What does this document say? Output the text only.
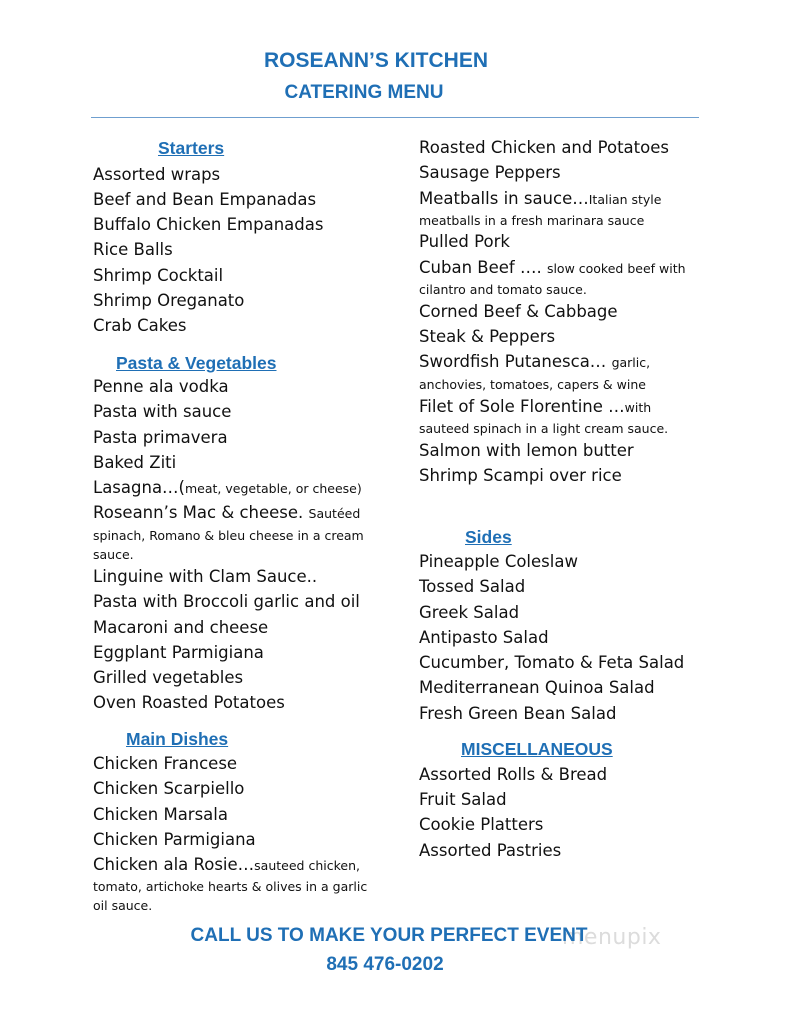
ROSEANN’S KITCHEN
CATERING MENU
Starters
Assorted wraps
Beef and Bean Empanadas
Buffalo Chicken Empanadas
Rice Balls
Shrimp Cocktail
Shrimp Oreganato
Crab Cakes
Pasta & Vegetables
Penne ala vodka
Pasta with sauce
Pasta primavera
Baked Ziti
Lasagna…(meat, vegetable, or cheese)
Roseann’s Mac & cheese. Sautéed
spinach, Romano & bleu cheese in a cream
sauce.
Linguine with Clam Sauce..
Pasta with Broccoli garlic and oil
Macaroni and cheese
Eggplant Parmigiana
Grilled vegetables
Oven Roasted Potatoes
Main Dishes
Chicken Francese
Chicken Scarpiello
Chicken Marsala
Chicken Parmigiana
Chicken ala Rosie…sauteed chicken,
tomato, artichoke hearts & olives in a garlic
oil sauce.
Roasted Chicken and Potatoes
Sausage Peppers
Meatballs in sauce…Italian style
meatballs in a fresh marinara sauce
Pulled Pork
Cuban Beef …. slow cooked beef with
cilantro and tomato sauce.
Corned Beef & Cabbage
Steak & Peppers
Swordfish Putanesca… garlic,
anchovies, tomatoes, capers & wine
Filet of Sole Florentine …with
sauteed spinach in a light cream sauce.
Salmon with lemon butter
Shrimp Scampi over rice
Sides
Pineapple Coleslaw
Tossed Salad
Greek Salad
Antipasto Salad
Cucumber, Tomato & Feta Salad
Mediterranean Quinoa Salad
Fresh Green Bean Salad
MISCELLANEOUS
Assorted Rolls & Bread
Fruit Salad
Cookie Platters
Assorted Pastries
menupix
CALL US TO MAKE YOUR PERFECT EVENT
845 476-0202
